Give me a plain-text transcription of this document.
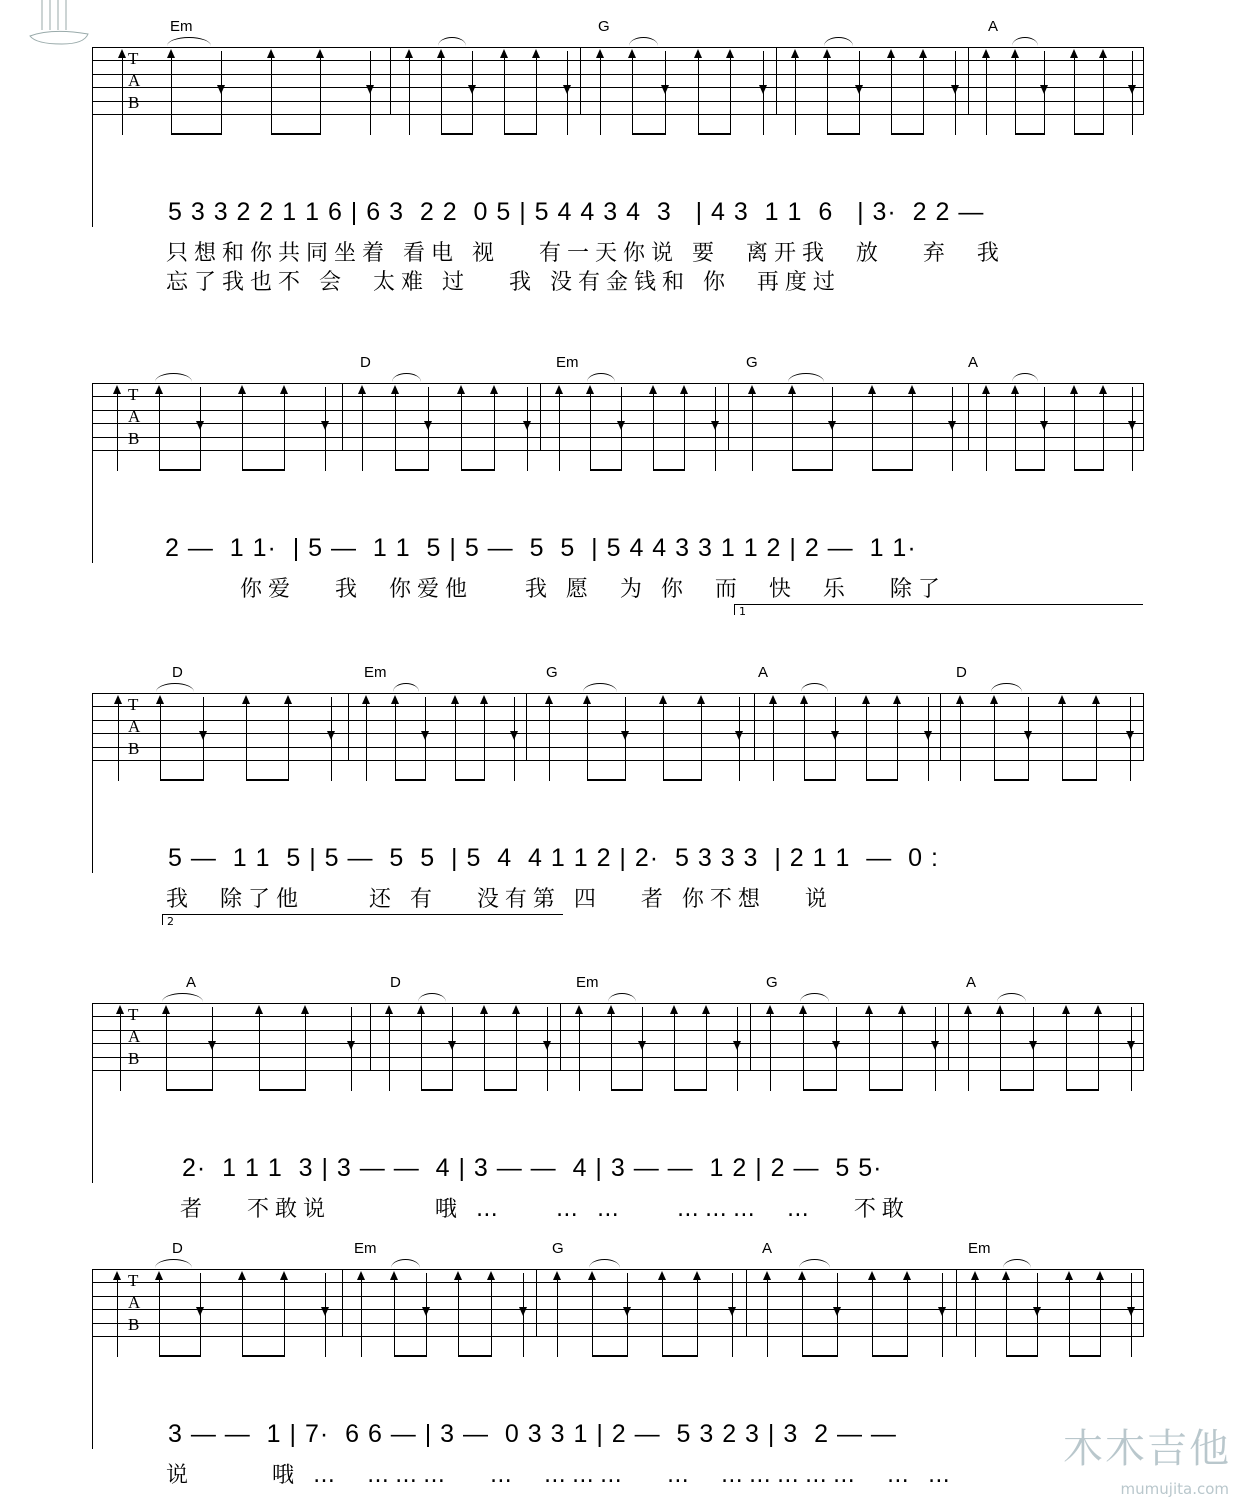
Em	G	A
T
A
B
5 3 3 2 2 1 1 6 | 6 3  2 2  0 5 | 5 4 4 3 4  3   | 4 3  1 1  6   | 3·  2 2 —
只想和你共同坐着 看电 视   有一天你说 要  离开我  放   弃  我
忘了我也不 会  太难 过   我 没有金钱和 你  再度过
D	Em	G	A
T
A
B
2 —  1 1·  | 5 —  1 1  5 | 5 —  5  5  | 5 4 4 3 3 1 1 2 | 2 —  1 1·
你爱   我  你爱他    我 愿  为 你  而  快  乐   除了
1
D	Em	G	A	D
T
A
B
5 —  1 1  5 | 5 —  5  5  | 5  4  4 1 1 2 | 2·  5 3 3 3  | 2 1 1  —  0 :
我  除了他     还 有   没有第 四   者 你不想   说
2
A	D	Em	G	A
T
A
B
2·  1 1 1  3 | 3 — —  4 | 3 — —  4 | 3 — —  1 2 | 2 —  5 5·
者   不敢说        哦 …    … …    ………  …   不敢
D	Em	G	A	Em
T
A
B
3 — —  1 | 7·  6 6 — | 3 —  0 3 3 1 | 2 —  5 3 2 3 | 3  2 — —
说      哦 …  ………   …  ………   …  ……………  … …
木木吉他
mumujita.com
